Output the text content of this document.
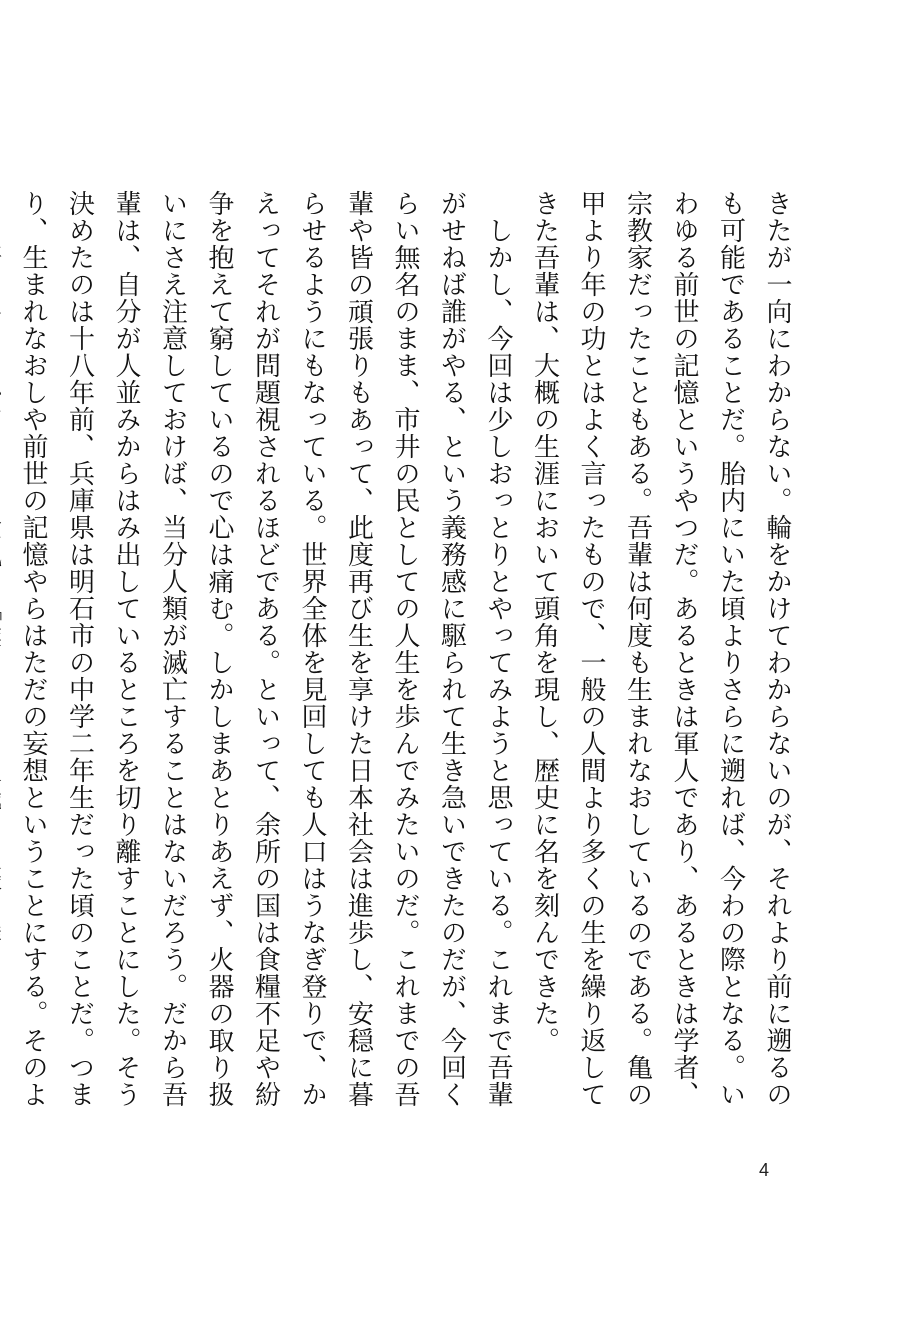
きたが一向にわからない。輪をかけてわからないのが、それより前に遡るのも可能であることだ。胎内にいた頃よりさらに遡れば、今わの際となる。いわゆる前世の記憶というやつだ。あるときは軍人であり、あるときは学者、宗教家だったこともある。吾輩は何度も生まれなおしているのである。亀の甲より年の功とはよく言ったもので、一般の人間より多くの生を繰り返してきた吾輩は、大概の生涯において頭角を現し、歴史に名を刻んできた。

　しかし、今回は少しおっとりとやってみようと思っている。これまで吾輩がせねば誰がやる、という義務感に駆られて生き急いできたのだが、今回くらい無名のまま、市井の民としての人生を歩んでみたいのだ。これまでの吾輩や皆の頑張りもあって、此度再び生を享けた日本社会は進歩し、安穏に暮らせるようにもなっている。世界全体を見回しても人口はうなぎ登りで、かえってそれが問題視されるほどである。といって、余所の国は食糧不足や紛争を抱えて窮しているので心は痛む。しかしまあとりあえず、火器の取り扱いにさえ注意しておけば、当分人類が滅亡することはないだろう。だから吾輩は、自分が人並みからはみ出しているところを切り離すことにした。そう決めたのは十八年前、兵庫県は明石市の中学二年生だった頃のことだ。つまり、生まれなおしや前世の記憶やらはただの妄想ということにする。そのよ

4
